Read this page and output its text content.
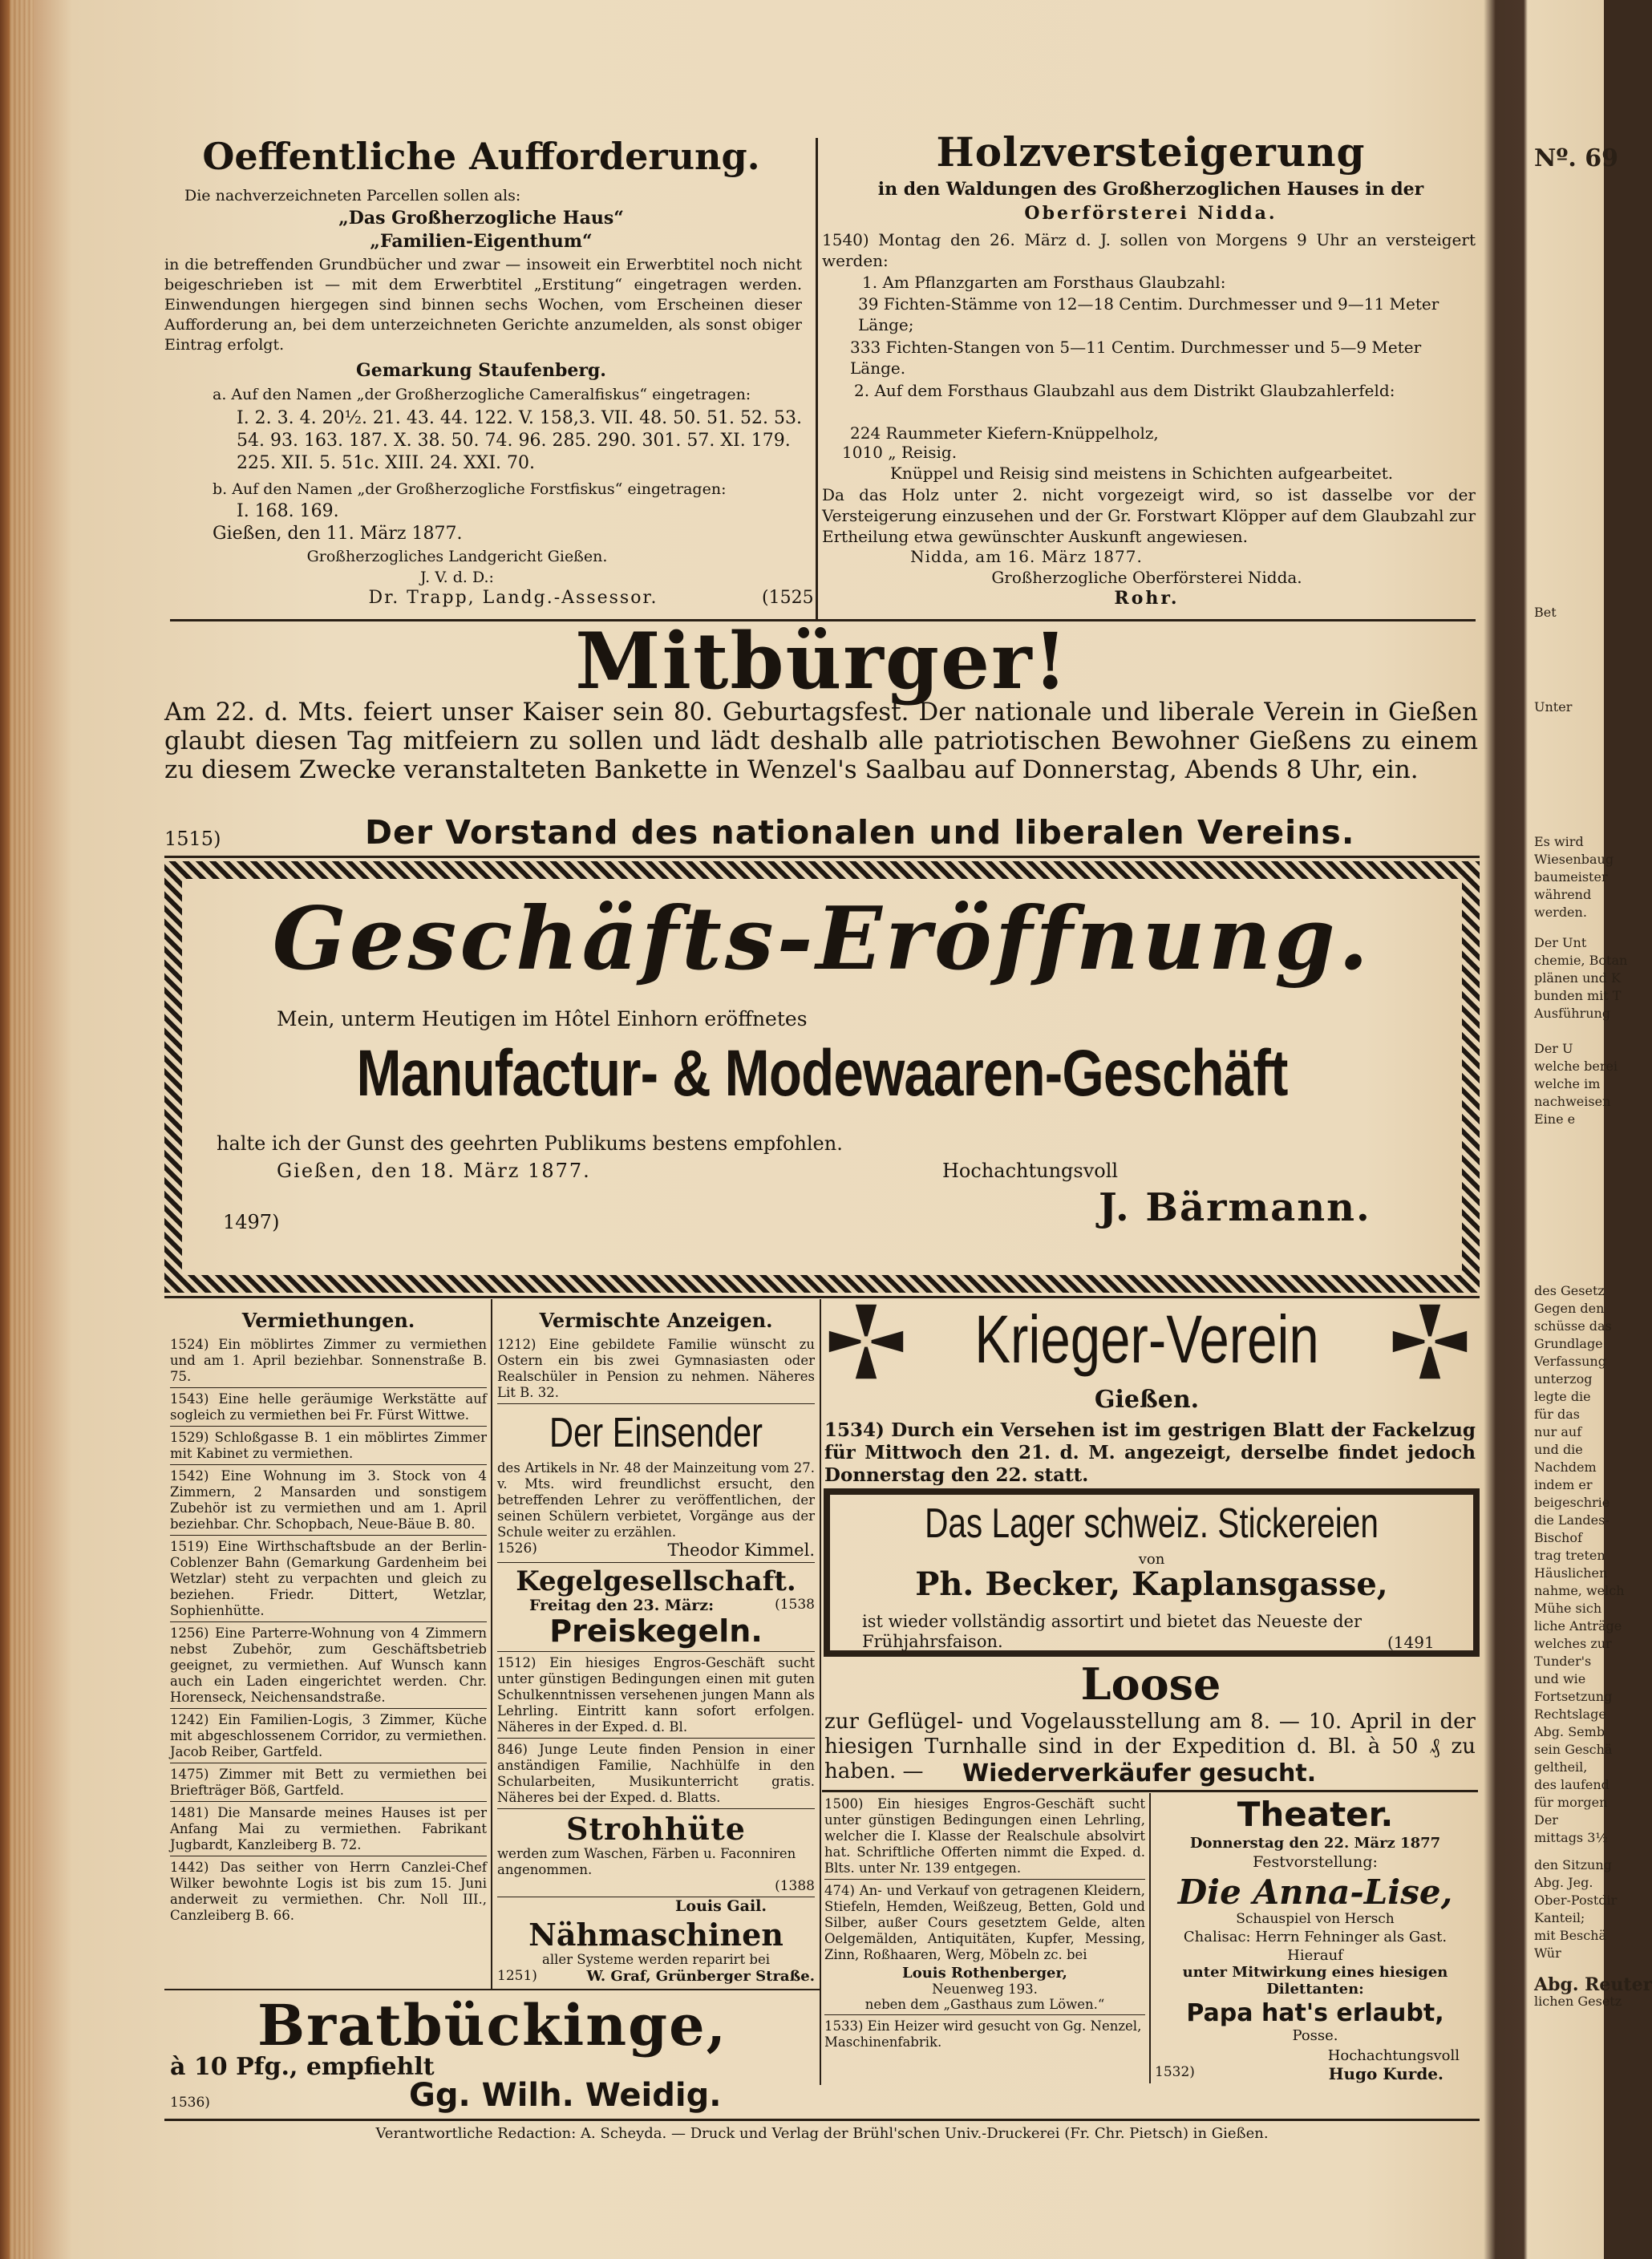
Oeffentliche Aufforderung.

Die nachverzeichneten Parcellen sollen als:

„Das Großherzogliche Haus“

„Familien-Eigenthum“

in die betreffenden Grundbücher und zwar — insoweit ein Erwerbtitel noch nicht beigeschrieben ist — mit dem Erwerbtitel „Erstitung“ eingetragen werden. Einwendungen hiergegen sind binnen sechs Wochen, vom Erscheinen dieser Aufforderung an, bei dem unterzeichneten Gerichte anzumelden, als sonst obiger Eintrag erfolgt.

Gemarkung Staufenberg.

a. Auf den Namen „der Großherzogliche Cameralfiskus“ eingetragen:

I. 2. 3. 4. 20½. 21. 43. 44. 122. V. 158,3. VII. 48. 50. 51. 52. 53. 54. 93. 163. 187. X. 38. 50. 74. 96. 285. 290. 301. 57. XI. 179. 225. XII. 5. 51c. XIII. 24. XXI. 70.

b. Auf den Namen „der Großherzogliche Forstfiskus“ eingetragen:

I. 168. 169.

Gießen, den 11. März 1877.

Großherzogliches Landgericht Gießen.

J. V. d. D.:

Dr. Trapp, Landg.-Assessor.	(1525

Holzversteigerung

in den Waldungen des Großherzoglichen Hauses in der

Oberförsterei Nidda.

1540) Montag den 26. März d. J. sollen von Morgens 9 Uhr an versteigert werden:

1. Am Pflanzgarten am Forsthaus Glaubzahl:

39 Fichten-Stämme von 12—18 Centim. Durchmesser und 9—11 Meter Länge;

333 Fichten-Stangen von 5—11 Centim. Durchmesser und 5—9 Meter Länge.

2. Auf dem Forsthaus Glaubzahl aus dem Distrikt Glaubzahlerfeld:

224 Raummeter Kiefern-Knüppelholz,

1010 „ Reisig.

Knüppel und Reisig sind meistens in Schichten aufgearbeitet.

Da das Holz unter 2. nicht vorgezeigt wird, so ist dasselbe vor der Versteigerung einzusehen und der Gr. Forstwart Klöpper auf dem Glaubzahl zur Ertheilung etwa gewünschter Auskunft angewiesen.

Nidda, am 16. März 1877.

Großherzogliche Oberförsterei Nidda.

Rohr.

Mitbürger!

Am 22. d. Mts. feiert unser Kaiser sein 80. Geburtagsfest. Der nationale und liberale Verein in Gießen glaubt diesen Tag mitfeiern zu sollen und lädt deshalb alle patriotischen Bewohner Gießens zu einem zu diesem Zwecke veranstalteten Bankette in Wenzel's Saalbau auf Donnerstag, Abends 8 Uhr, ein.

1515)	Der Vorstand des nationalen und liberalen Vereins.

Geschäfts-Eröffnung.

Mein, unterm Heutigen im Hôtel Einhorn eröffnetes

Manufactur- & Modewaaren-Geschäft

halte ich der Gunst des geehrten Publikums bestens empfohlen.

Gießen, den 18. März 1877.	Hochachtungsvoll

1497)	J. Bärmann.

Vermiethungen.

1524) Ein möblirtes Zimmer zu vermiethen und am 1. April beziehbar. Sonnenstraße B. 75.

1543) Eine helle geräumige Werkstätte auf sogleich zu vermiethen bei Fr. Fürst Wittwe.

1529) Schloßgasse B. 1 ein möblirtes Zimmer mit Kabinet zu vermiethen.

1542) Eine Wohnung im 3. Stock von 4 Zimmern, 2 Mansarden und sonstigem Zubehör ist zu vermiethen und am 1. April beziehbar. Chr. Schopbach, Neue-Bäue B. 80.

1519) Eine Wirthschaftsbude an der Berlin-Coblenzer Bahn (Gemarkung Gardenheim bei Wetzlar) steht zu verpachten und gleich zu beziehen. Friedr. Dittert, Wetzlar, Sophienhütte.

1256) Eine Parterre-Wohnung von 4 Zimmern nebst Zubehör, zum Geschäftsbetrieb geeignet, zu vermiethen. Auf Wunsch kann auch ein Laden eingerichtet werden. Chr. Horenseck, Neichensandstraße.

1242) Ein Familien-Logis, 3 Zimmer, Küche mit abgeschlossenem Corridor, zu vermiethen. Jacob Reiber, Gartfeld.

1475) Zimmer mit Bett zu vermiethen bei Briefträger Böß, Gartfeld.

1481) Die Mansarde meines Hauses ist per Anfang Mai zu vermiethen. Fabrikant Jugbardt, Kanzleiberg B. 72.

1442) Das seither von Herrn Canzlei-Chef Wilker bewohnte Logis ist bis zum 15. Juni anderweit zu vermiethen. Chr. Noll III., Canzleiberg B. 66.

Vermischte Anzeigen.

1212) Eine gebildete Familie wünscht zu Ostern ein bis zwei Gymnasiasten oder Realschüler in Pension zu nehmen. Näheres Lit B. 32.

Der Einsender

des Artikels in Nr. 48 der Mainzeitung vom 27. v. Mts. wird freundlichst ersucht, den betreffenden Lehrer zu veröffentlichen, der seinen Schülern verbietet, Vorgänge aus der Schule weiter zu erzählen.

1526)	Theodor Kimmel.

Kegelgesellschaft.

Freitag den 23. März:	(1538

Preiskegeln.

1512) Ein hiesiges Engros-Geschäft sucht unter günstigen Bedingungen einen mit guten Schulkenntnissen versehenen jungen Mann als Lehrling. Eintritt kann sofort erfolgen. Näheres in der Exped. d. Bl.

846) Junge Leute finden Pension in einer anständigen Familie, Nachhülfe in den Schularbeiten, Musikunterricht gratis. Näheres bei der Exped. d. Blatts.

Strohhüte

werden zum Waschen, Färben u. Faconniren angenommen.

(1388

Louis Gail.

Nähmaschinen

aller Systeme werden reparirt bei

1251)	W. Graf, Grünberger Straße.

Bratbückinge,

à 10 Pfg., empfiehlt

1536)	Gg. Wilh. Weidig.

Krieger-Verein

Gießen.

1534) Durch ein Versehen ist im gestrigen Blatt der Fackelzug für Mittwoch den 21. d. M. angezeigt, derselbe findet jedoch Donnerstag den 22. statt.

Das Lager schweiz. Stickereien

von

Ph. Becker, Kaplansgasse,

ist wieder vollständig assortirt und bietet das Neueste der Frühjahrsfaison.	(1491

Loose

zur Geflügel- und Vogelausstellung am 8. — 10. April in der hiesigen Turnhalle sind in der Expedition d. Bl. à 50 ₰ zu haben. —	Wiederverkäufer gesucht.

1500) Ein hiesiges Engros-Geschäft sucht unter günstigen Bedingungen einen Lehrling, welcher die I. Klasse der Realschule absolvirt hat. Schriftliche Offerten nimmt die Exped. d. Blts. unter Nr. 139 entgegen.

474) An- und Verkauf von getragenen Kleidern, Stiefeln, Hemden, Weißzeug, Betten, Gold und Silber, außer Cours gesetztem Gelde, alten Oelgemälden, Antiquitäten, Kupfer, Messing, Zinn, Roßhaaren, Werg, Möbeln zc. bei

Louis Rothenberger,

Neuenweg 193.

neben dem „Gasthaus zum Löwen.“

1533) Ein Heizer wird gesucht von Gg. Nenzel, Maschinenfabrik.

Theater.

Donnerstag den 22. März 1877

Festvorstellung:

Die Anna-Lise,

Schauspiel von Hersch

Chalisac: Herrn Fehninger als Gast.

Hierauf

unter Mitwirkung eines hiesigen Dilettanten:

Papa hat's erlaubt,

Posse.

Hochachtungsvoll

1532)	Hugo Kurde.

Verantwortliche Redaction: A. Scheyda. — Druck und Verlag der Brühl'schen Univ.-Druckerei (Fr. Chr. Pietsch) in Gießen.

Nº. 69

Bet

Unter

Es wird

Wiesenbaug

baumeister

während

werden.

Der Unt

chemie, Botan

plänen und K

bunden mit T

Ausführung

Der U

welche berei

welche im

nachweisen

Eine e

des Gesetz

Gegen den

schüsse das

Grundlage

Verfassung

unterzog

legte die

für das

nur auf

und die

Nachdem

indem er

beigeschrie

die Landes-

Bischof

trag treten

Häuslichen

nahme, welch

Mühe sich

liche Anträge

welches zur

Tunder's

und wie

Fortsetzung

Rechtslage

Abg. Semb

sein Geschä

geltheil,

des laufend

für morgen

Der

mittags 3½

den Sitzung

Abg. Jeg.

Ober-Postdir

Kanteil;

mit Beschä

Wür

Abg. Reuter

lichen Gesetz
